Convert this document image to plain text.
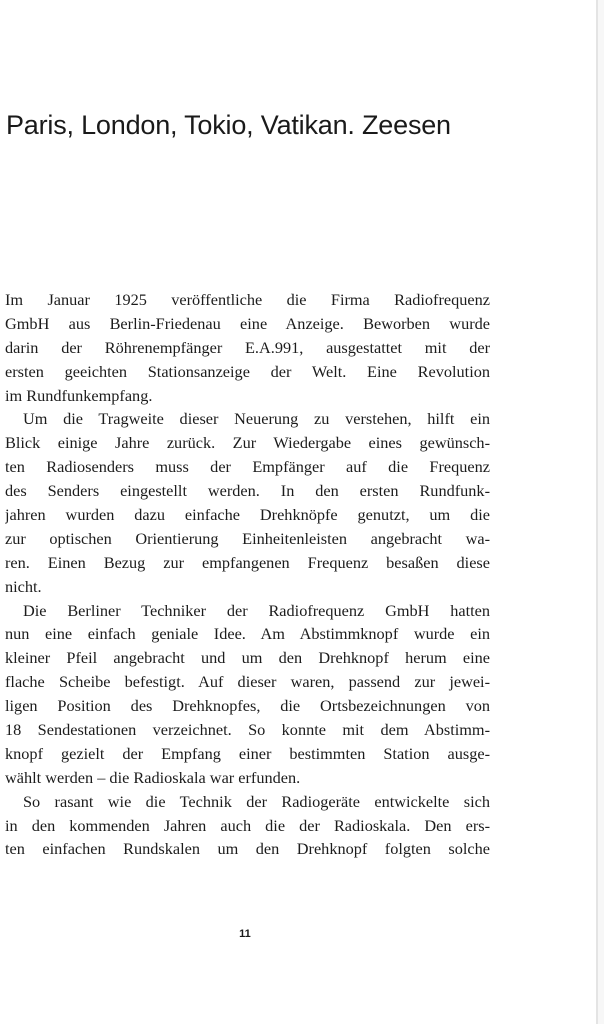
Paris, London, Tokio, Vatikan. Zeesen

Im Januar 1925 veröffentliche die Firma Radiofrequenz
GmbH aus Berlin-Friedenau eine Anzeige. Beworben wurde
darin der Röhrenempfänger E.A.991, ausgestattet mit der
ersten geeichten Stationsanzeige der Welt. Eine Revolution
im Rundfunkempfang.

Um die Tragweite dieser Neuerung zu verstehen, hilft ein
Blick einige Jahre zurück. Zur Wiedergabe eines gewünsch-
ten Radiosenders muss der Empfänger auf die Frequenz
des Senders eingestellt werden. In den ersten Rundfunk-
jahren wurden dazu einfache Drehknöpfe genutzt, um die
zur optischen Orientierung Einheitenleisten angebracht wa-
ren. Einen Bezug zur empfangenen Frequenz besaßen diese
nicht.

Die Berliner Techniker der Radiofrequenz GmbH hatten
nun eine einfach geniale Idee. Am Abstimmknopf wurde ein
kleiner Pfeil angebracht und um den Drehknopf herum eine
flache Scheibe befestigt. Auf dieser waren, passend zur jewei-
ligen Position des Drehknopfes, die Ortsbezeichnungen von
18 Sendestationen verzeichnet. So konnte mit dem Abstimm-
knopf gezielt der Empfang einer bestimmten Station ausge-
wählt werden – die Radioskala war erfunden.

So rasant wie die Technik der Radiogeräte entwickelte sich
in den kommenden Jahren auch die der Radioskala. Den ers-
ten einfachen Rundskalen um den Drehknopf folgten solche

11
